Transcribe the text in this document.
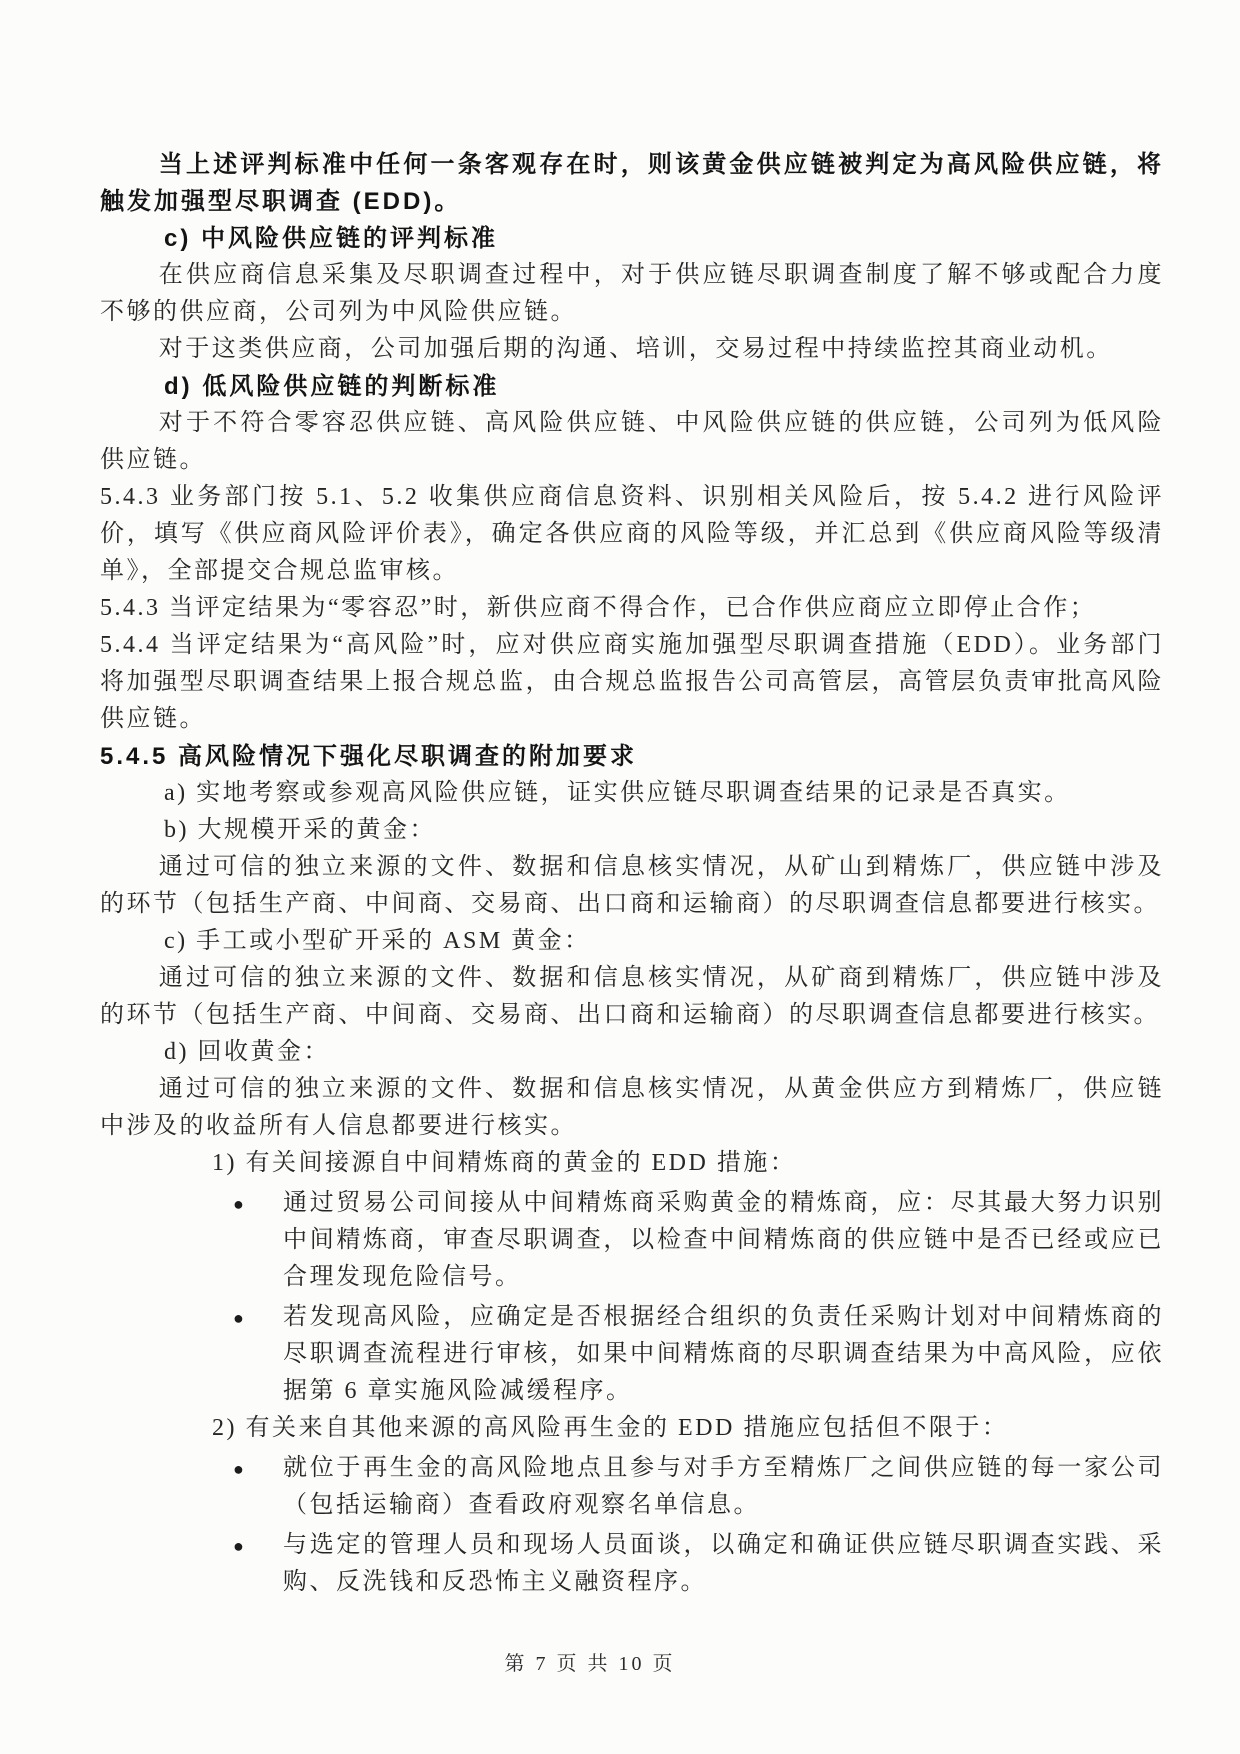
当上述评判标准中任何一条客观存在时，则该黄金供应链被判定为高风险供应链，将触发加强型尽职调查 (EDD)。

c) 中风险供应链的评判标准

在供应商信息采集及尽职调查过程中，对于供应链尽职调查制度了解不够或配合力度不够的供应商，公司列为中风险供应链。

对于这类供应商，公司加强后期的沟通、培训，交易过程中持续监控其商业动机。

d) 低风险供应链的判断标准

对于不符合零容忍供应链、高风险供应链、中风险供应链的供应链，公司列为低风险供应链。

5.4.3 业务部门按 5.1、5.2 收集供应商信息资料、识别相关风险后，按 5.4.2 进行风险评价，填写《供应商风险评价表》，确定各供应商的风险等级，并汇总到《供应商风险等级清单》，全部提交合规总监审核。

5.4.3 当评定结果为“零容忍”时，新供应商不得合作，已合作供应商应立即停止合作；

5.4.4 当评定结果为“高风险”时，应对供应商实施加强型尽职调查措施（EDD）。业务部门将加强型尽职调查结果上报合规总监，由合规总监报告公司高管层，高管层负责审批高风险供应链。

5.4.5 高风险情况下强化尽职调查的附加要求

a) 实地考察或参观高风险供应链，证实供应链尽职调查结果的记录是否真实。

b) 大规模开采的黄金：

通过可信的独立来源的文件、数据和信息核实情况，从矿山到精炼厂，供应链中涉及的环节（包括生产商、中间商、交易商、出口商和运输商）的尽职调查信息都要进行核实。

c) 手工或小型矿开采的 ASM 黄金：

通过可信的独立来源的文件、数据和信息核实情况，从矿商到精炼厂，供应链中涉及的环节（包括生产商、中间商、交易商、出口商和运输商）的尽职调查信息都要进行核实。

d) 回收黄金：

通过可信的独立来源的文件、数据和信息核实情况，从黄金供应方到精炼厂，供应链中涉及的收益所有人信息都要进行核实。

1) 有关间接源自中间精炼商的黄金的 EDD 措施：

● 通过贸易公司间接从中间精炼商采购黄金的精炼商，应：尽其最大努力识别中间精炼商，审查尽职调查，以检查中间精炼商的供应链中是否已经或应已合理发现危险信号。
● 若发现高风险，应确定是否根据经合组织的负责任采购计划对中间精炼商的尽职调查流程进行审核，如果中间精炼商的尽职调查结果为中高风险，应依据第 6 章实施风险减缓程序。

2) 有关来自其他来源的高风险再生金的 EDD 措施应包括但不限于：

● 就位于再生金的高风险地点且参与对手方至精炼厂之间供应链的每一家公司（包括运输商）查看政府观察名单信息。
● 与选定的管理人员和现场人员面谈，以确定和确证供应链尽职调查实践、采购、反洗钱和反恐怖主义融资程序。
第 7 页 共 10 页
